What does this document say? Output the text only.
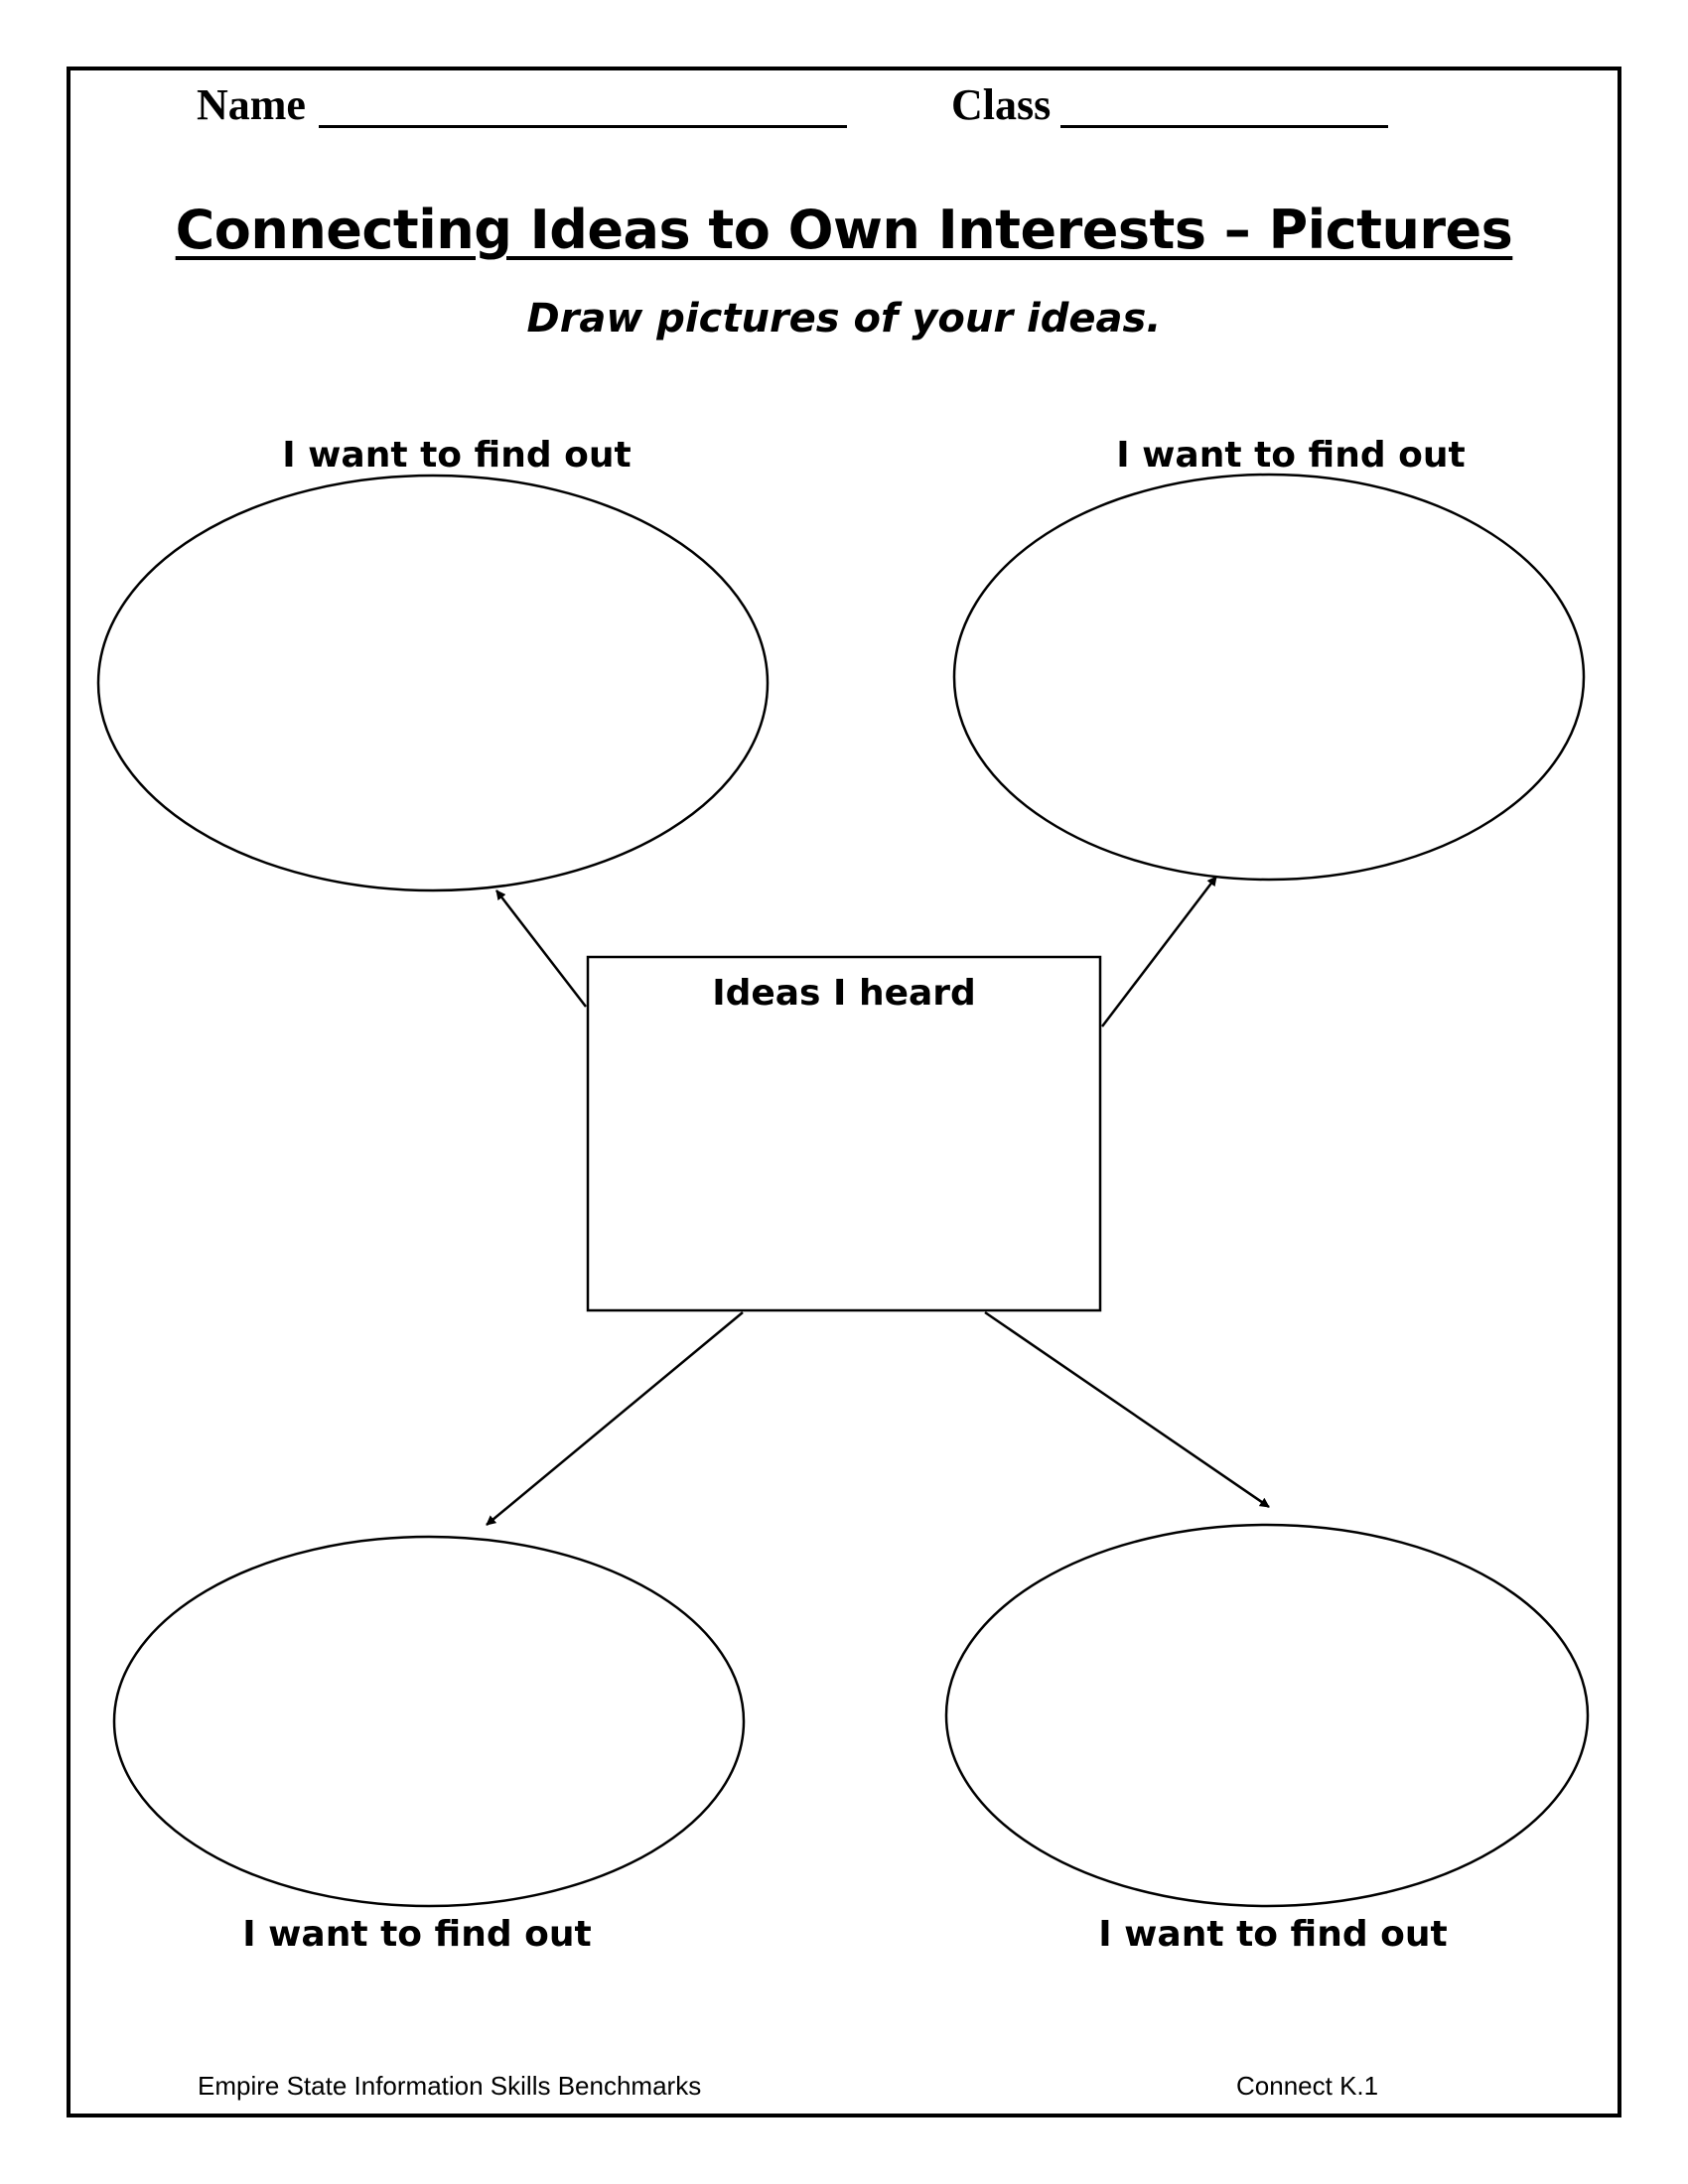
Name	Class
Connecting Ideas to Own Interests – Pictures
Draw pictures of your ideas.
I want to find out	I want to find out
I want to find out	I want to find out
Ideas I heard
Empire State Information Skills Benchmarks	Connect K.1
